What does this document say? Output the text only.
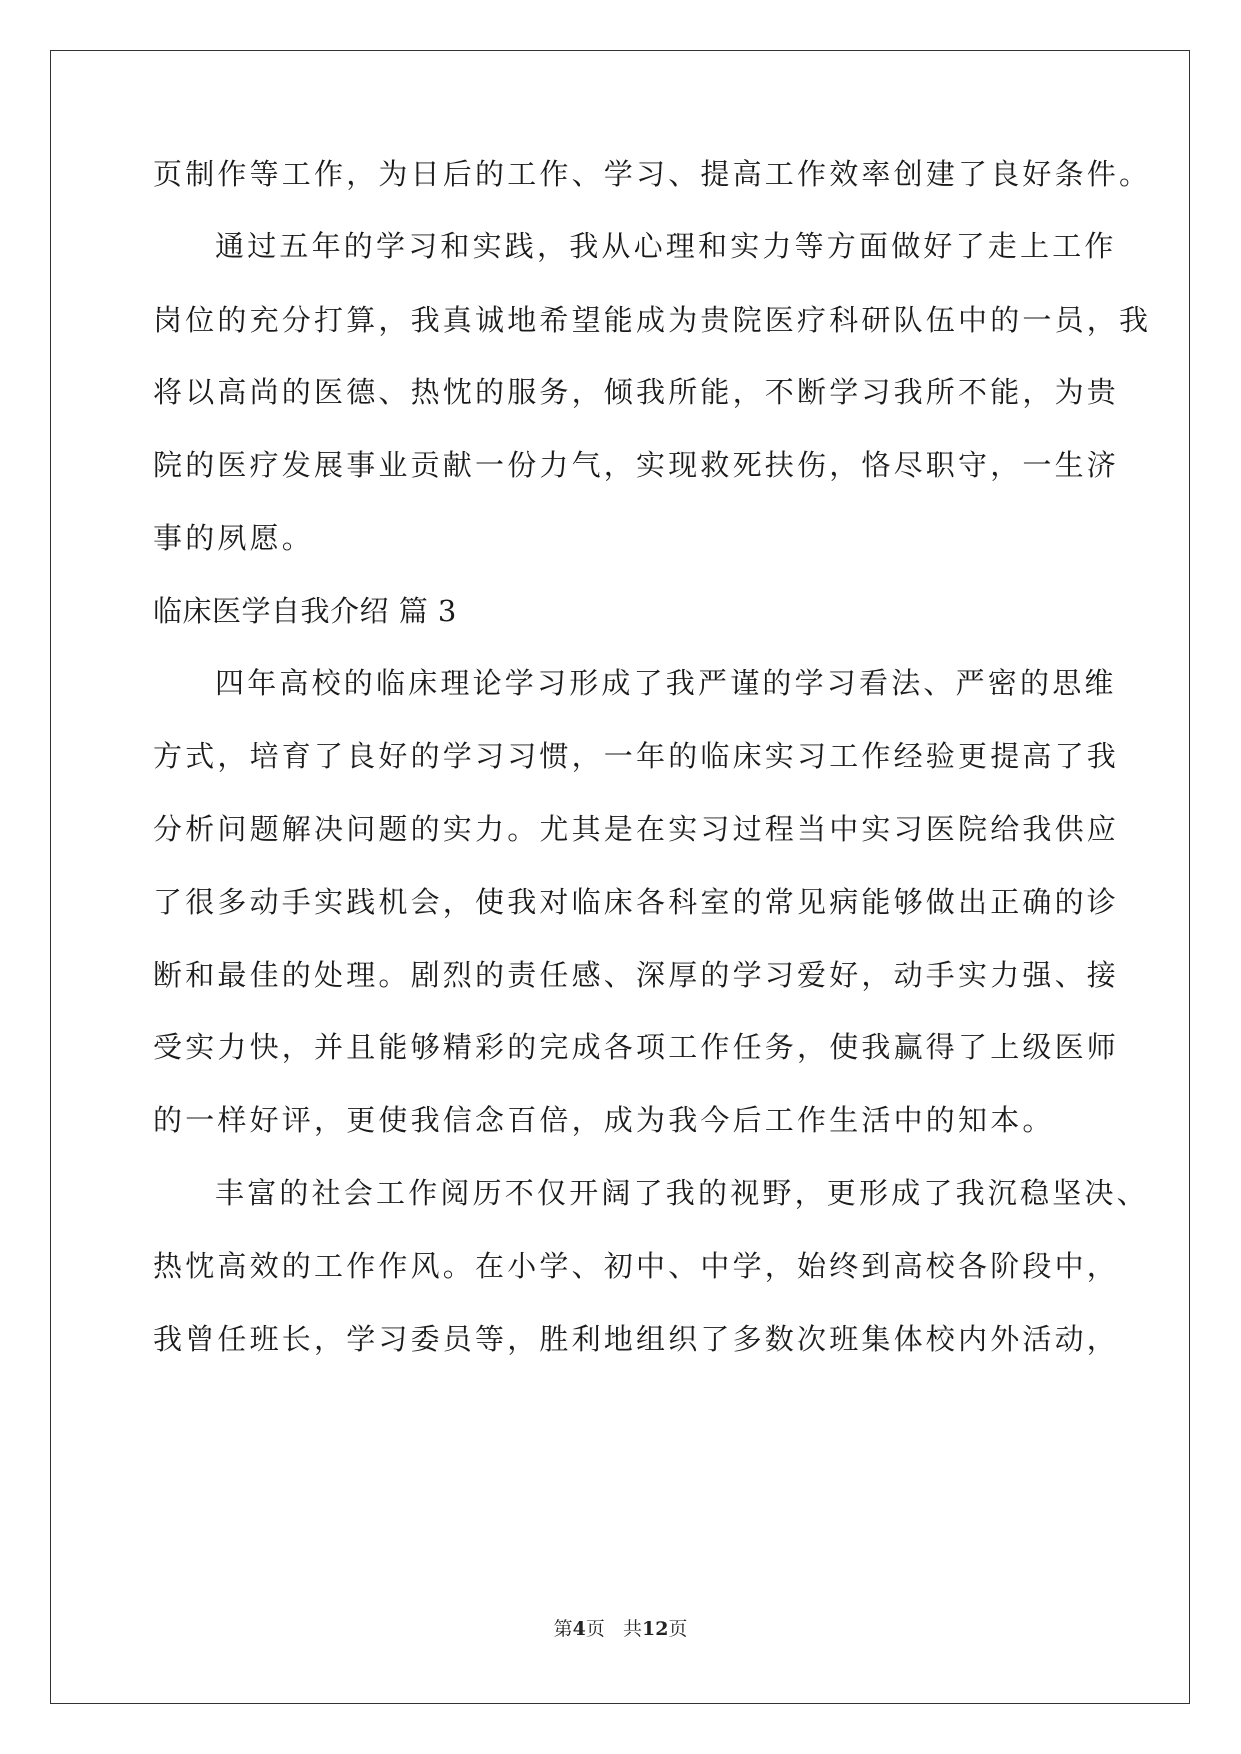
页制作等工作，为日后的工作、学习、提高工作效率创建了良好条件。
通过五年的学习和实践，我从心理和实力等方面做好了走上工作
岗位的充分打算，我真诚地希望能成为贵院医疗科研队伍中的一员，我
将以高尚的医德、热忱的服务，倾我所能，不断学习我所不能，为贵
院的医疗发展事业贡献一份力气，实现救死扶伤，恪尽职守，一生济
事的夙愿。
临床医学自我介绍 篇 3
四年高校的临床理论学习形成了我严谨的学习看法、严密的思维
方式，培育了良好的学习习惯，一年的临床实习工作经验更提高了我
分析问题解决问题的实力。尤其是在实习过程当中实习医院给我供应
了很多动手实践机会，使我对临床各科室的常见病能够做出正确的诊
断和最佳的处理。剧烈的责任感、深厚的学习爱好，动手实力强、接
受实力快，并且能够精彩的完成各项工作任务，使我赢得了上级医师
的一样好评，更使我信念百倍，成为我今后工作生活中的知本。
丰富的社会工作阅历不仅开阔了我的视野，更形成了我沉稳坚决、
热忱高效的工作作风。在小学、初中、中学，始终到高校各阶段中，
我曾任班长，学习委员等，胜利地组织了多数次班集体校内外活动，
第4页 共12页
